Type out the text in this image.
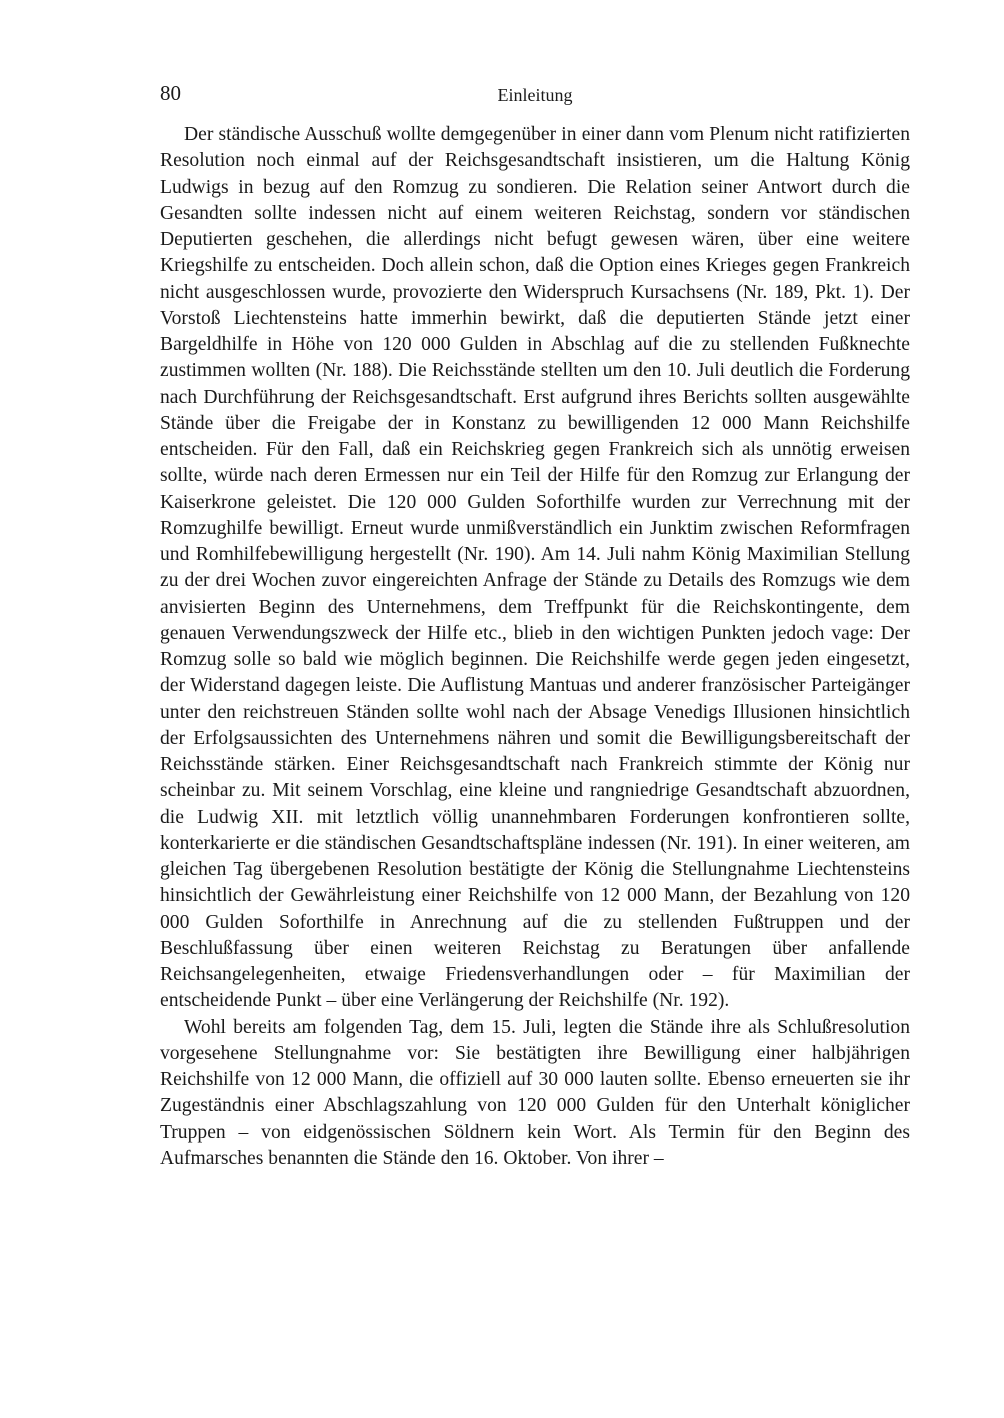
80	Einleitung

Der ständische Ausschuß wollte demgegenüber in einer dann vom Plenum nicht ratifizierten Resolution noch einmal auf der Reichsgesandtschaft insistieren, um die Haltung König Ludwigs in bezug auf den Romzug zu sondieren. Die Relation seiner Antwort durch die Gesandten sollte indessen nicht auf einem weiteren Reichstag, sondern vor ständischen Deputierten geschehen, die allerdings nicht befugt gewesen wären, über eine weitere Kriegshilfe zu entscheiden. Doch allein schon, daß die Option eines Krieges gegen Frankreich nicht ausgeschlossen wurde, provozierte den Widerspruch Kursachsens (Nr. 189, Pkt. 1). Der Vorstoß Liechtensteins hatte immerhin bewirkt, daß die deputierten Stände jetzt einer Bargeldhilfe in Höhe von 120 000 Gulden in Abschlag auf die zu stellenden Fußknechte zustimmen wollten (Nr. 188). Die Reichsstände stellten um den 10. Juli deutlich die Forderung nach Durchführung der Reichsgesandtschaft. Erst aufgrund ihres Berichts sollten ausgewählte Stände über die Freigabe der in Konstanz zu bewilligenden 12 000 Mann Reichshilfe entscheiden. Für den Fall, daß ein Reichskrieg gegen Frankreich sich als unnötig erweisen sollte, würde nach deren Ermessen nur ein Teil der Hilfe für den Romzug zur Erlangung der Kaiserkrone geleistet. Die 120 000 Gulden Soforthilfe wurden zur Verrechnung mit der Romzughilfe bewilligt. Erneut wurde unmißverständlich ein Junktim zwischen Reformfragen und Romhilfebewilligung hergestellt (Nr. 190). Am 14. Juli nahm König Maximilian Stellung zu der drei Wochen zuvor eingereichten Anfrage der Stände zu Details des Romzugs wie dem anvisierten Beginn des Unternehmens, dem Treffpunkt für die Reichskontingente, dem genauen Verwendungszweck der Hilfe etc., blieb in den wichtigen Punkten jedoch vage: Der Romzug solle so bald wie möglich beginnen. Die Reichshilfe werde gegen jeden eingesetzt, der Widerstand dagegen leiste. Die Auflistung Mantuas und anderer französischer Parteigänger unter den reichstreuen Ständen sollte wohl nach der Absage Venedigs Illusionen hinsichtlich der Erfolgsaussichten des Unternehmens nähren und somit die Bewilligungsbereitschaft der Reichsstände stärken. Einer Reichsgesandtschaft nach Frankreich stimmte der König nur scheinbar zu. Mit seinem Vorschlag, eine kleine und rangniedrige Gesandtschaft abzuordnen, die Ludwig XII. mit letztlich völlig unannehmbaren Forderungen konfrontieren sollte, konterkarierte er die ständischen Gesandtschaftspläne indessen (Nr. 191). In einer weiteren, am gleichen Tag übergebenen Resolution bestätigte der König die Stellungnahme Liechtensteins hinsichtlich der Gewährleistung einer Reichshilfe von 12 000 Mann, der Bezahlung von 120 000 Gulden Soforthilfe in Anrechnung auf die zu stellenden Fußtruppen und der Beschlußfassung über einen weiteren Reichstag zu Beratungen über anfallende Reichsangelegenheiten, etwaige Friedensverhandlungen oder – für Maximilian der entscheidende Punkt – über eine Verlängerung der Reichshilfe (Nr. 192).

Wohl bereits am folgenden Tag, dem 15. Juli, legten die Stände ihre als Schlußresolution vorgesehene Stellungnahme vor: Sie bestätigten ihre Bewilligung einer halbjährigen Reichshilfe von 12 000 Mann, die offiziell auf 30 000 lauten sollte. Ebenso erneuerten sie ihr Zugeständnis einer Abschlagszahlung von 120 000 Gulden für den Unterhalt königlicher Truppen – von eidgenössischen Söldnern kein Wort. Als Termin für den Beginn des Aufmarsches benannten die Stände den 16. Oktober. Von ihrer –
